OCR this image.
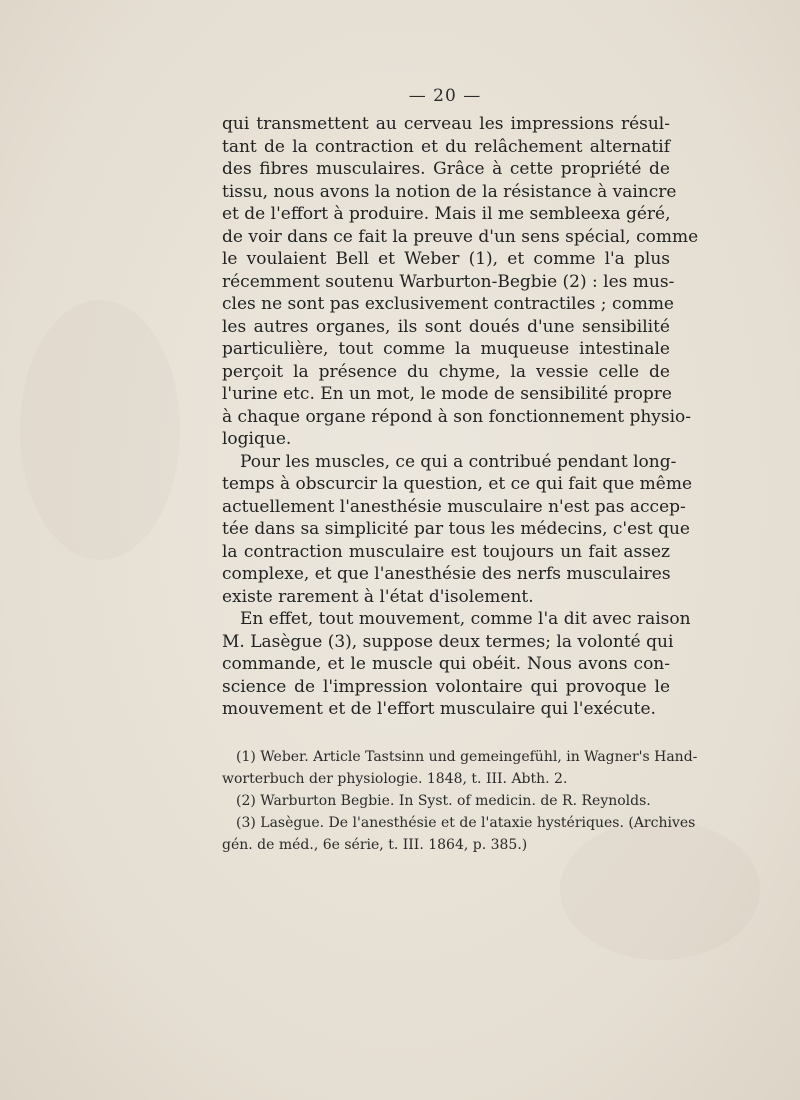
— 20 —
qui transmettent au cerveau les impressions résul-
tant de la contraction et du relâchement alternatif
des fibres musculaires. Grâce à cette propriété de
tissu, nous avons la notion de la résistance à vaincre
et de l'effort à produire. Mais il me sembleexa géré,
de voir dans ce fait la preuve d'un sens spécial, comme
le voulaient Bell et Weber (1), et comme l'a plus
récemment soutenu Warburton-Begbie (2) : les mus-
cles ne sont pas exclusivement contractiles ; comme
les autres organes, ils sont doués d'une sensibilité
particulière, tout comme la muqueuse intestinale
perçoit la présence du chyme, la vessie celle de
l'urine etc. En un mot, le mode de sensibilité propre
à chaque organe répond à son fonctionnement physio-
logique.
Pour les muscles, ce qui a contribué pendant long-
temps à obscurcir la question, et ce qui fait que même
actuellement l'anesthésie musculaire n'est pas accep-
tée dans sa simplicité par tous les médecins, c'est que
la contraction musculaire est toujours un fait assez
complexe, et que l'anesthésie des nerfs musculaires
existe rarement à l'état d'isolement.
En effet, tout mouvement, comme l'a dit avec raison
M. Lasègue (3), suppose deux termes; la volonté qui
commande, et le muscle qui obéit. Nous avons con-
science de l'impression volontaire qui provoque le
mouvement et de l'effort musculaire qui l'exécute.
(1) Weber. Article Tastsinn und gemeingefühl, in Wagner's Hand-
worterbuch der physiologie. 1848, t. III. Abth. 2.
(2) Warburton Begbie. In Syst. of medicin. de R. Reynolds.
(3) Lasègue. De l'anesthésie et de l'ataxie hystériques. (Archives
gén. de méd., 6e série, t. III. 1864, p. 385.)
